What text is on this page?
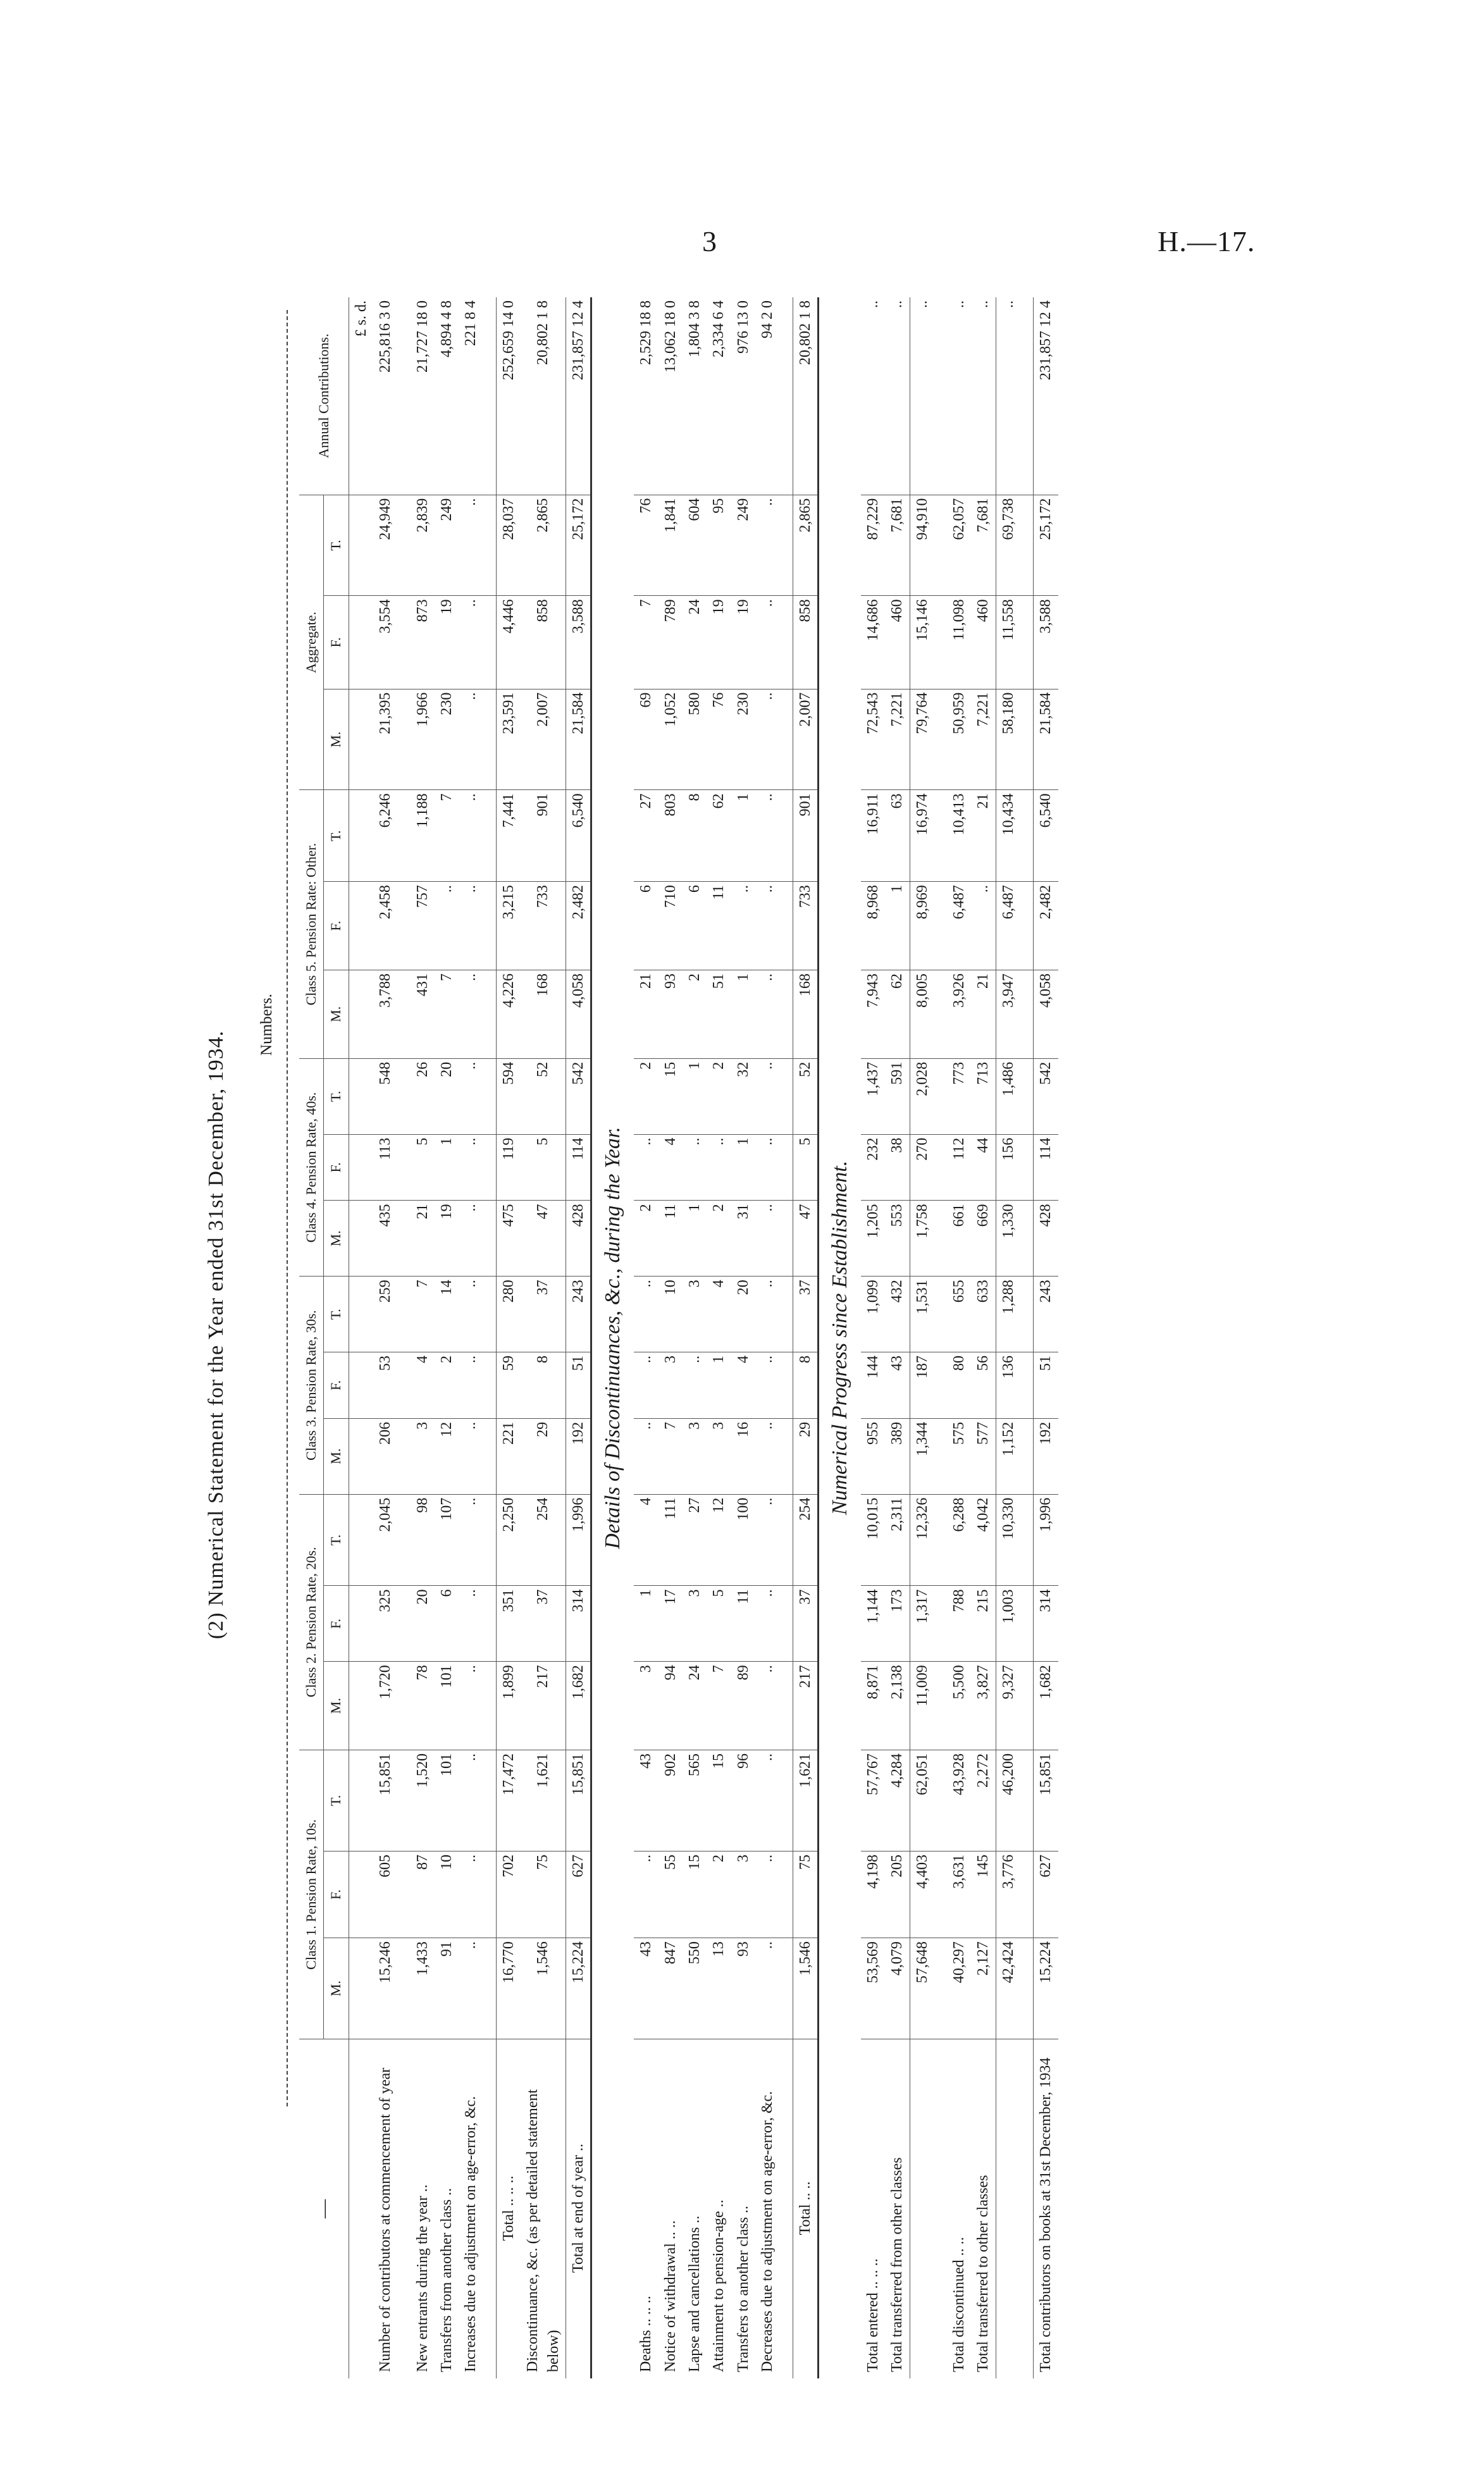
3	H.—17.
(2) Numerical Statement for the Year ended 31st December, 1934.
Numbers.
—	Class 1. Pension Rate, 10s.			Class 2. Pension Rate, 20s.			Class 3. Pension Rate, 30s.			Class 4. Pension Rate, 40s.			Class 5. Pension Rate: Other.			Aggregate.			Annual Contributions.
	M.	F.	T.	M.	F.	T.	M.	F.	T.	M.	F.	T.	M.	F.	T.	M.	F.	T.	
																			£ s. d.
Number of contributors at commencement of year	15,246	605	15,851	1,720	325	2,045	206	53	259	435	113	548	3,788	2,458	6,246	21,395	3,554	24,949	225,816 3 0

New entrants during the year ..	1,433	87	1,520	78	20	98	3	4	7	21	5	26	431	757	1,188	1,966	873	2,839	21,727 18 0
Transfers from another class ..	91	10	101	101	6	107	12	2	14	19	1	20	7	..	7	230	19	249	4,894 4 8
Increases due to adjustment on age-error, &c.	..	..	..	..	..	..	..	..	..	..	..	..	..	..	..	..	..	..	221 8 4

Total .. .. ..	16,770	702	17,472	1,899	351	2,250	221	59	280	475	119	594	4,226	3,215	7,441	23,591	4,446	28,037	252,659 14 0
Discontinuance, &c. (as per detailed statement below)	1,546	75	1,621	217	37	254	29	8	37	47	5	52	168	733	901	2,007	858	2,865	20,802 1 8
Total at end of year ..	15,224	627	15,851	1,682	314	1,996	192	51	243	428	114	542	4,058	2,482	6,540	21,584	3,588	25,172	231,857 12 4
Details of Discontinuances, &c., during the Year.																			
Deaths .. .. ..	43	..	43	3	1	4	..	..	..	2	..	2	21	6	27	69	7	76	2,529 18 8
Notice of withdrawal .. ..	847	55	902	94	17	111	7	3	10	11	4	15	93	710	803	1,052	789	1,841	13,062 18 0
Lapse and cancellations ..	550	15	565	24	3	27	3	..	3	1	..	1	2	6	8	580	24	604	1,804 3 8
Attainment to pension-age ..	13	2	15	7	5	12	3	1	4	2	..	2	51	11	62	76	19	95	2,334 6 4
Transfers to another class ..	93	3	96	89	11	100	16	4	20	31	1	32	1	..	1	230	19	249	976 13 0
Decreases due to adjustment on age-error, &c.	..	..	..	..	..	..	..	..	..	..	..	..	..	..	..	..	..	..	94 2 0

Total .. ..	1,546	75	1,621	217	37	254	29	8	37	47	5	52	168	733	901	2,007	858	2,865	20,802 1 8
Numerical Progress since Establishment.																			
Total entered .. .. ..	53,569	4,198	57,767	8,871	1,144	10,015	955	144	1,099	1,205	232	1,437	7,943	8,968	16,911	72,543	14,686	87,229	..
Total transferred from other classes	4,079	205	4,284	2,138	173	2,311	389	43	432	553	38	591	62	1	63	7,221	460	7,681	..
	57,648	4,403	62,051	11,009	1,317	12,326	1,344	187	1,531	1,758	270	2,028	8,005	8,969	16,974	79,764	15,146	94,910	..

Total discontinued .. ..	40,297	3,631	43,928	5,500	788	6,288	575	80	655	661	112	773	3,926	6,487	10,413	50,959	11,098	62,057	..
Total transferred to other classes	2,127	145	2,272	3,827	215	4,042	577	56	633	669	44	713	21	..	21	7,221	460	7,681	..
	42,424	3,776	46,200	9,327	1,003	10,330	1,152	136	1,288	1,330	156	1,486	3,947	6,487	10,434	58,180	11,558	69,738	..

Total contributors on books at 31st December, 1934	15,224	627	15,851	1,682	314	1,996	192	51	243	428	114	542	4,058	2,482	6,540	21,584	3,588	25,172	231,857 12 4
